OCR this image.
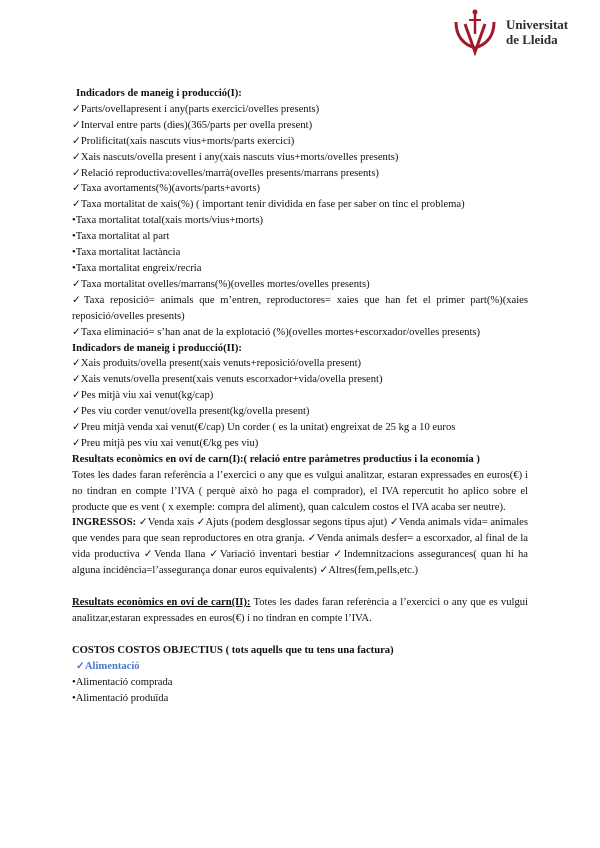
Universitat
de Lleida
Indicadors de maneig i producció(I):
✓Parts/ovellapresent i any(parts exercici/ovelles presents)
✓Interval entre parts (dies)(365/parts per ovella present)
✓Prolificitat(xais nascuts vius+morts/parts exercici)
✓Xais nascuts/ovella present i any(xais nascuts vius+morts/ovelles presents)
✓Relació reproductiva:ovelles/marrà(ovelles presents/marrans presents)
✓Taxa avortaments(%)(avorts/parts+avorts)
✓Taxa mortalitat de xais(%) ( important tenir dividida en fase per saber on tinc el problema)
•Taxa mortalitat total(xais morts/vius+morts)
•Taxa mortalitat al part
•Taxa mortalitat lactància
•Taxa mortalitat engreix/recria
✓Taxa mortalitat ovelles/marrans(%)(ovelles mortes/ovelles presents)
✓Taxa reposició= animals que m’entren, reproductores= xaies que han fet el primer part(%)(xaies reposició/ovelles presents)
✓Taxa eliminació= s’han anat de la explotació (%)(ovelles mortes+escorxador/ovelles presents)
Indicadors de maneig i producció(II):
✓Xais produits/ovella present(xais venuts+reposició/ovella present)
✓Xais venuts/ovella present(xais venuts escorxador+vida/ovella present)
✓Pes mitjà viu xai venut(kg/cap)
✓Pes viu corder venut/ovella present(kg/ovella present)
✓Preu mitjà venda xai venut(€/cap) Un corder ( es la unitat) engreixat de 25 kg a 10 euros
✓Preu mitjà pes viu xai venut(€/kg pes viu)
Resultats econòmics en oví de carn(I):( relació entre paràmetres productius i la economía )
Totes les dades faran referència a l’exercici o any que es vulgui analitzar, estaran expressades en euros(€) i no tindran en compte l’IVA ( perquè això ho paga el comprador), el IVA repercutit ho aplico sobre el producte que es vent ( x exemple: compra del aliment), quan calculem costos el IVA acaba ser neutre).
INGRESSOS: ✓Venda xais ✓Ajuts (podem desglossar segons tipus ajut) ✓Venda animals vida= animales que vendes para que sean reproductores en otra granja. ✓Venda animals desfer= a escorxador, al final de la vida productiva ✓Venda llana ✓Variació inventari bestiar ✓Indemnitzacions assegurances( quan hi ha alguna incidència=l’assegurança donar euros equivalents) ✓Altres(fem,pells,etc.)
Resultats econòmics en oví de carn(II): Totes les dades faran referència a l’exercici o any que es vulgui analitzar,estaran expressades en euros(€) i no tindran en compte l’IVA.
COSTOS COSTOS OBJECTIUS ( tots aquells que tu tens una factura)
✓Alimentació
•Alimentació comprada
•Alimentació produïda
